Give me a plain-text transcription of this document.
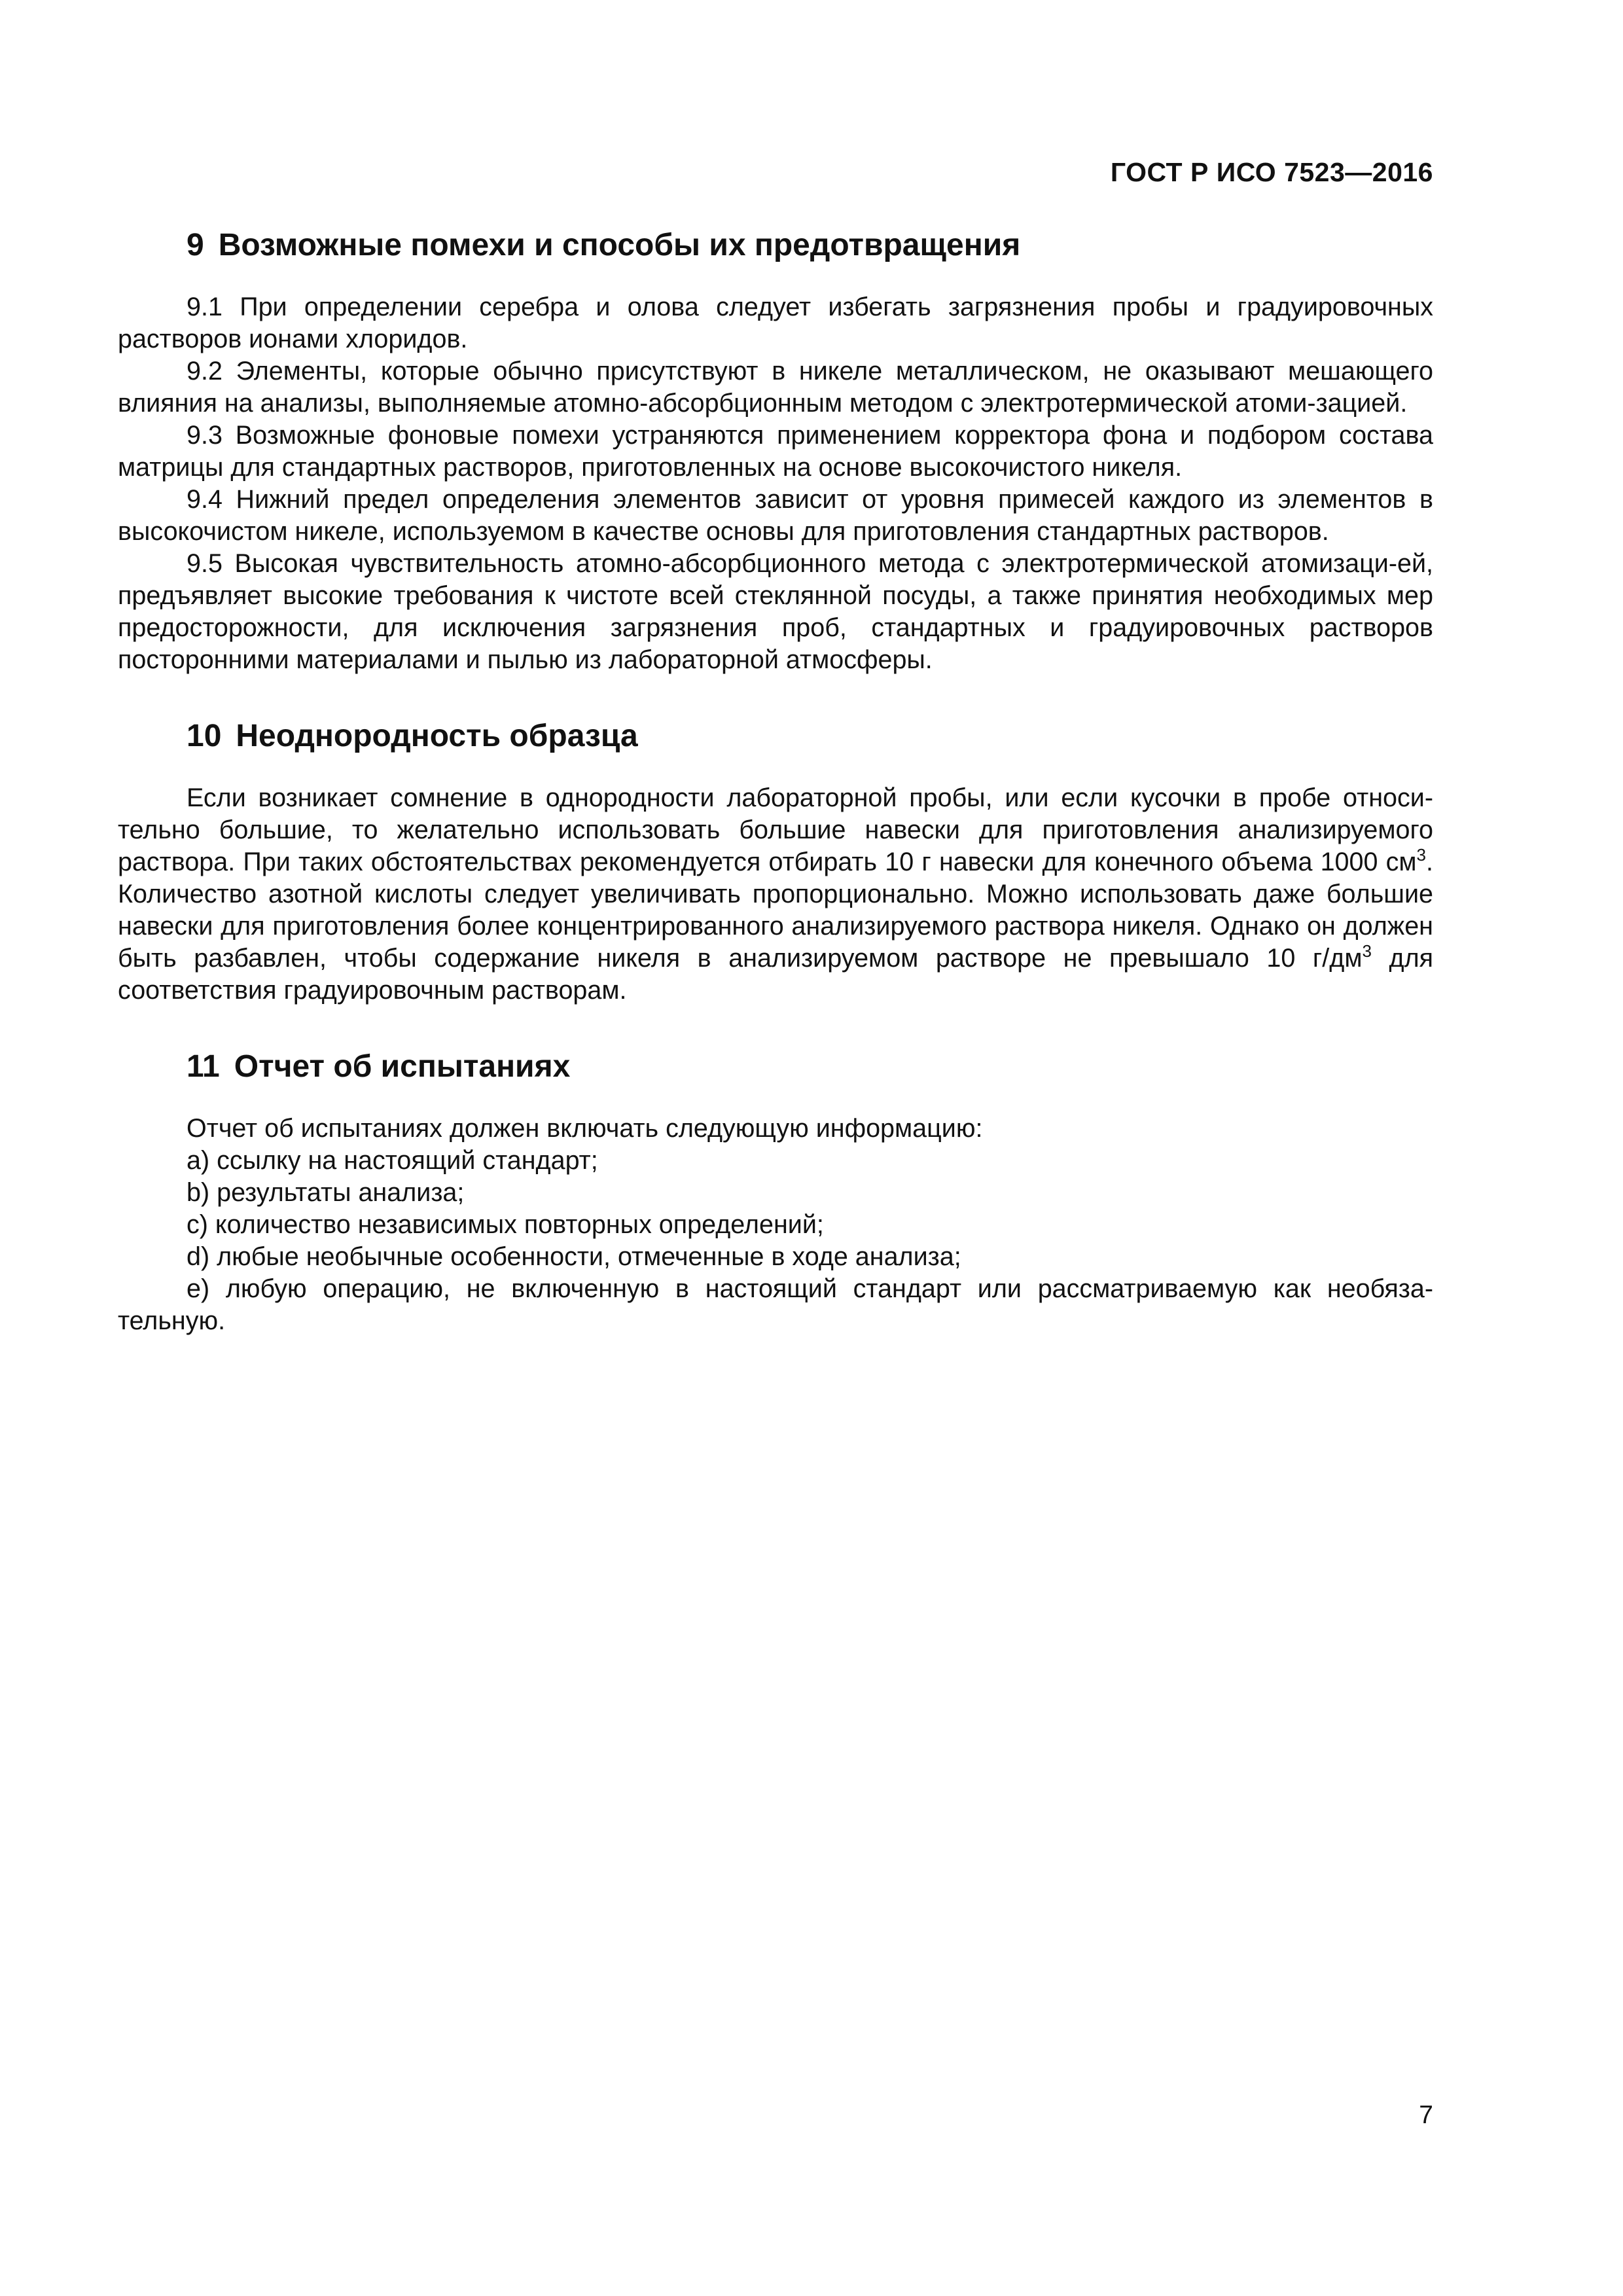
ГОСТ Р ИСО 7523—2016
9 Возможные помехи и способы их предотвращения

9.1 При определении серебра и олова следует избегать загрязнения пробы и градуировочных растворов ионами хлоридов.

9.2 Элементы, которые обычно присутствуют в никеле металлическом, не оказывают мешающего влияния на анализы, выполняемые атомно-абсорбционным методом с электротермической атоми-зацией.

9.3 Возможные фоновые помехи устраняются применением корректора фона и подбором состава матрицы для стандартных растворов, приготовленных на основе высокочистого никеля.

9.4 Нижний предел определения элементов зависит от уровня примесей каждого из элементов в высокочистом никеле, используемом в качестве основы для приготовления стандартных растворов.

9.5 Высокая чувствительность атомно-абсорбционного метода с электротермической атомизаци-ей, предъявляет высокие требования к чистоте всей стеклянной посуды, а также принятия необходимых мер предосторожности, для исключения загрязнения проб, стандартных и градуировочных растворов посторонними материалами и пылью из лабораторной атмосферы.

10 Неоднородность образца

Если возникает сомнение в однородности лабораторной пробы, или если кусочки в пробе относи-тельно большие, то желательно использовать большие навески для приготовления анализируемого раствора. При таких обстоятельствах рекомендуется отбирать 10 г навески для конечного объема 1000 $см^3$. Количество азотной кислоты следует увеличивать пропорционально. Можно использовать даже большие навески для приготовления более концентрированного анализируемого раствора никеля. Однако он должен быть разбавлен, чтобы содержание никеля в анализируемом растворе не превышало 10 $г/дм^3$ для соответствия градуировочным растворам.

11 Отчет об испытаниях

Отчет об испытаниях должен включать следующую информацию:

a) ссылку на настоящий стандарт;

b) результаты анализа;

c) количество независимых повторных определений;

d) любые необычные особенности, отмеченные в ходе анализа;

e) любую операцию, не включенную в настоящий стандарт или рассматриваемую как необяза-тельную.

7
